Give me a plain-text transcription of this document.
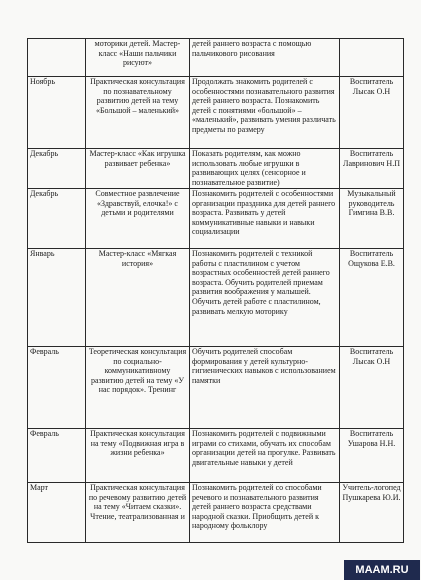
	моторики детей. Мастер-класс «Наши пальчики рисуют»	детей раннего возраста с помощью пальчикового рисования	
Ноябрь	Практическая консультация по познавательному развитию детей на тему «Большой – маленький»	Продолжать знакомить родителей с особенностями познавательного развития детей раннего возраста. Познакомить детей с понятиями «большой» – «маленький», развивать умения различать предметы по размеру	Воспитатель Лысак О.Н
Декабрь	Мастер-класс «Как игрушка развивает ребенка»	Показать родителям, как можно использовать любые игрушки в развивающих целях (сенсорное и познавательное развитие)	Воспитатель Лавринович Н.П
Декабрь	Совместное развлечение «Здравствуй, елочка!» с детьми и родителями	Познакомить родителей с особенностями организации праздника для детей раннего возраста. Развивать у детей коммуникативные навыки и навыки социализации	Музыкальный руководитель Гимгина В.В.
Январь	Мастер-класс «Мягкая история»	Познакомить родителей с техникой работы с пластилином с учетом возрастных особенностей детей раннего возраста. Обучить родителей приемам развития воображения у малышей. Обучить детей работе с пластилином, развивать мелкую моторику	Воспитатель Ощукова Е.В.
Февраль	Теоретическая консультация по социально-коммуникативному развитию детей на тему «У нас порядок». Тренинг	Обучить родителей способам формирования у детей культурно-гигиенических навыков с использованием памятки	Воспитатель Лысак О.Н
Февраль	Практическая консультация на тему «Подвижная игра в жизни ребенка»	Познакомить родителей с подвижными играми со стихами, обучать их способам организации детей на прогулке. Развивать двигательные навыки у детей	Воспитатель Ушарова Н.Н.
Март	Практическая консультация по речевому развитию детей на тему «Читаем сказки». Чтение, театрализованная и	Познакомить родителей со способами речевого и познавательного развития детей раннего возраста средствами народной сказки. Приобщить детей к народному фольклору	Учитель-логопед Пушкарева Ю.И.
MAAM.RU
